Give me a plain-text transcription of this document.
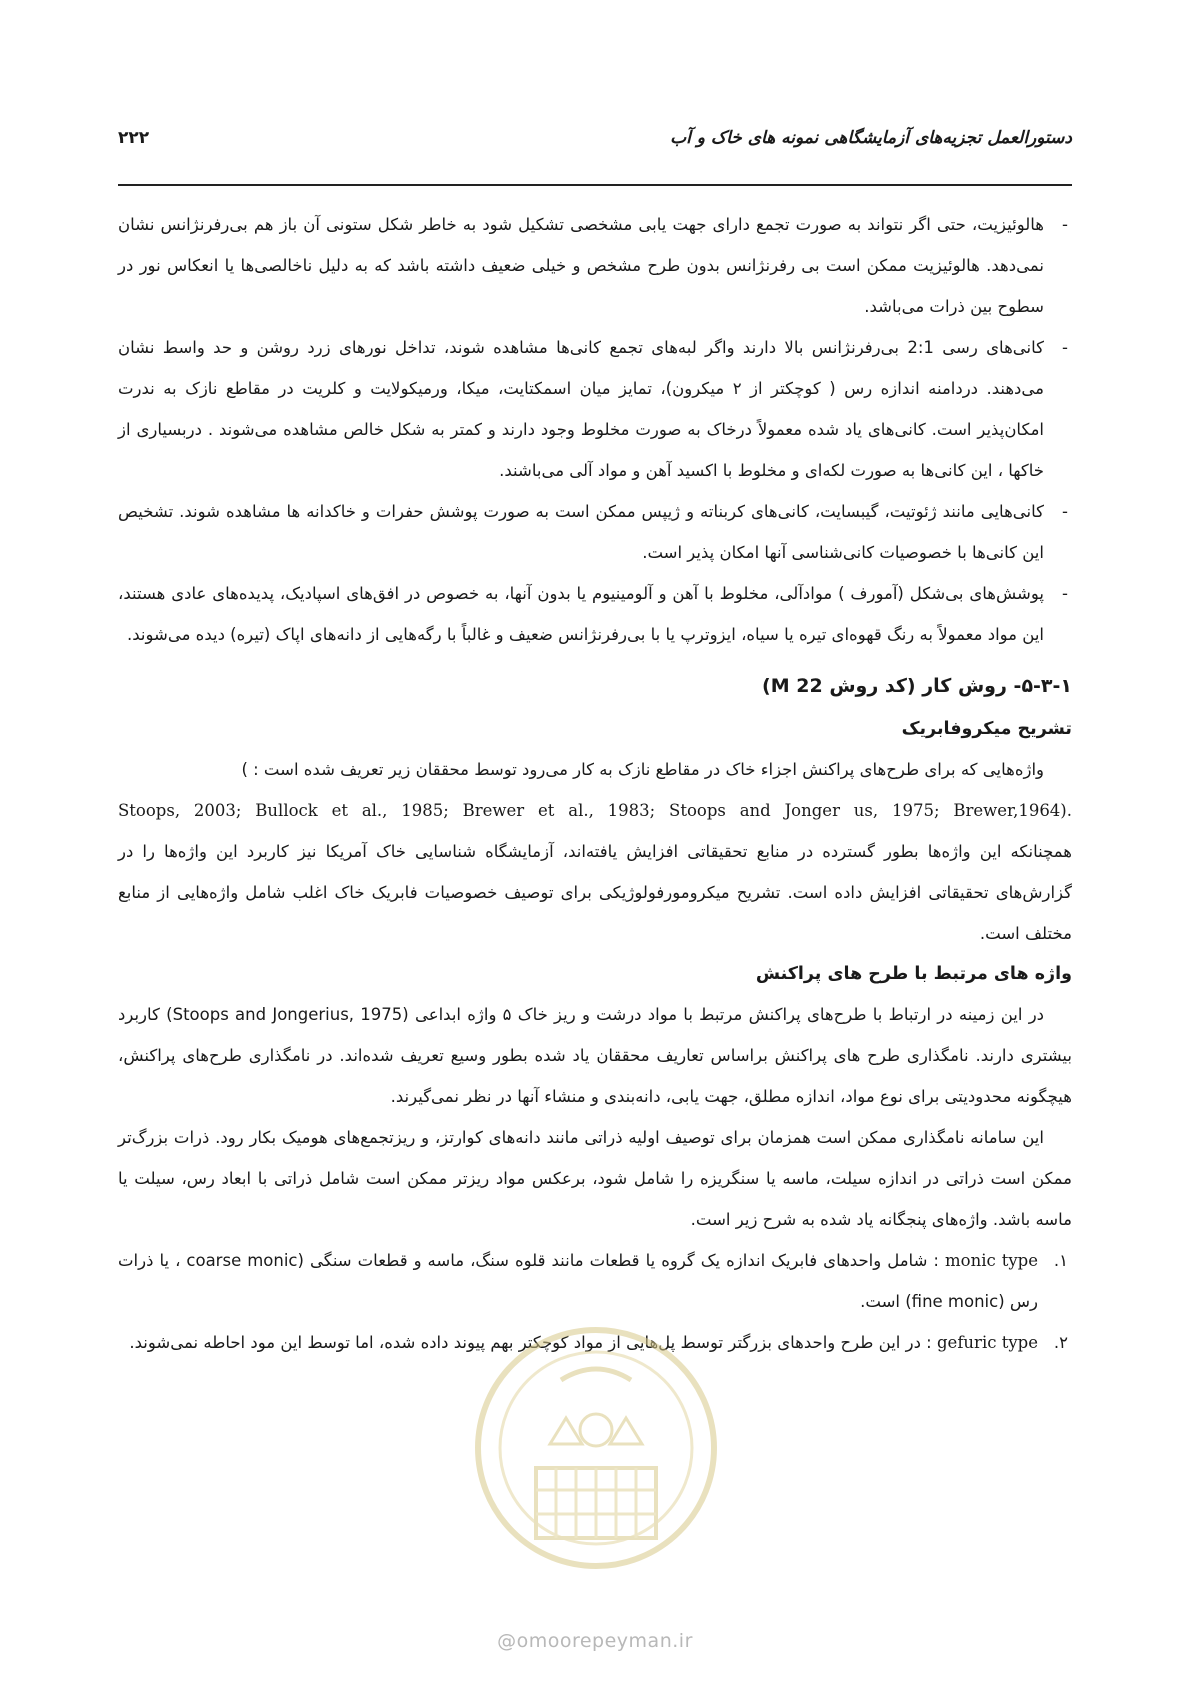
۲۲۲	دستورالعمل تجزیه‌های آزمایشگاهی نمونه های خاک و آب
- هالوئیزیت، حتی اگر نتواند به صورت تجمع دارای جهت یابی مشخصی تشکیل شود به خاطر شکل ستونی آن باز هم بی‌رفرنژانس نشان نمی‌دهد. هالوئیزیت ممکن است بی رفرنژانس بدون طرح مشخص و خیلی ضعیف داشته باشد که به دلیل ناخالصی‌ها یا انعکاس نور در سطوح بین ذرات می‌باشد.
- کانی‌های رسی 2:1 بی‌رفرنژانس بالا دارند واگر لبه‌های تجمع کانی‌ها مشاهده شوند، تداخل نورهای زرد روشن و حد واسط نشان می‌دهند. دردامنه اندازه رس ( کوچکتر از ۲ میکرون)، تمایز میان اسمکتایت، میکا، ورمیکولایت و کلریت در مقاطع نازک به ندرت امکان‌پذیر است. کانی‌های یاد شده معمولاً درخاک به صورت مخلوط وجود دارند و کمتر به شکل خالص مشاهده می‌شوند . دربسیاری از خاکها ، این کانی‌ها به صورت لکه‌ای و مخلوط با اکسید آهن و مواد آلی می‌باشند.
- کانی‌هایی مانند ژئوتیت، گیبسایت، کانی‌های کربناته و ژیپس ممکن است به صورت پوشش حفرات و خاکدانه ها مشاهده شوند. تشخیص این کانی‌ها با خصوصیات کانی‌شناسی آنها امکان پذیر است.
- پوشش‌های بی‌شکل (آمورف ) موادآلی، مخلوط با آهن و آلومینیوم یا بدون آنها، به خصوص در افق‌های اسپادیک، پدیده‌های عادی هستند، این مواد معمولاً به رنگ قهوه‌ای تیره یا سیاه، ایزوترپ یا با بی‌رفرنژانس ضعیف و غالباً با رگه‌هایی از دانه‌های اپاک (تیره) دیده می‌شوند.
۵-۳-۱- روش کار (کد روش M 22)
تشریح میکروفابریک

واژه‌هایی که برای طرح‌های پراکنش اجزاء خاک در مقاطع نازک به کار می‌رود توسط محققان زیر تعریف شده است : )

Stoops, 2003; Bullock et al., 1985; Brewer et al., 1983; Stoops and Jonger us, 1975; Brewer,1964).

همچنانکه این واژه‌ها بطور گسترده در منابع تحقیقاتی افزایش یافته‌اند، آزمایشگاه شناسایی خاک آمریکا نیز کاربرد این واژه‌ها را در گزارش‌های تحقیقاتی افزایش داده است. تشریح میکرومورفولوژیکی برای توصیف خصوصیات فابریک خاک اغلب شامل واژه‌هایی از منابع مختلف است.

واژه های مرتبط با طرح های پراکنش

در این زمینه در ارتباط با طرح‌های پراکنش مرتبط با مواد درشت و ریز خاک ۵ واژه ابداعی (Stoops and Jongerius, 1975) کاربرد بیشتری دارند. نامگذاری طرح های پراکنش براساس تعاریف محققان یاد شده بطور وسیع تعریف شده‌اند. در نامگذاری طرح‌های پراکنش، هیچگونه محدودیتی برای نوع مواد، اندازه مطلق، جهت یابی، دانه‌بندی و منشاء آنها در نظر نمی‌گیرند.

این سامانه نامگذاری ممکن است همزمان برای توصیف اولیه ذراتی مانند دانه‌های کوارتز، و ریزتجمع‌های هومیک بکار رود. ذرات بزرگ‌تر ممکن است ذراتی در اندازه سیلت، ماسه یا سنگریزه را شامل شود، برعکس مواد ریزتر ممکن است شامل ذراتی با ابعاد رس، سیلت یا ماسه باشد. واژه‌های پنجگانه یاد شده به شرح زیر است.

۱.
monic type : شامل واحدهای فابریک اندازه یک گروه یا قطعات مانند قلوه سنگ، ماسه و قطعات سنگی (coarse monic ، یا ذرات رس (fine monic) است.
۲.
gefuric type : در این طرح واحدهای بزرگتر توسط پل‌هایی از مواد کوچکتر بهم پیوند داده شده، اما توسط این مود احاطه نمی‌شوند.
@omoorepeyman.ir
